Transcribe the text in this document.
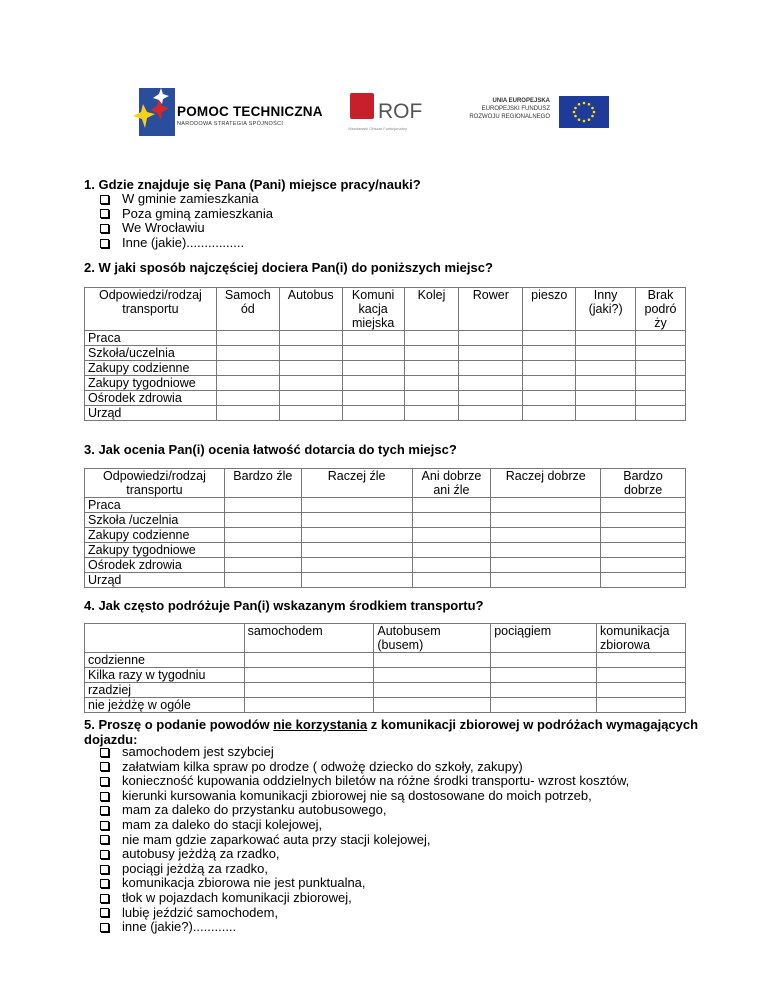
POMOC TECHNICZNA
NARODOWA STRATEGIA SPÓJNOŚCI
ROF
Wrocławski Obszar Funkcjonalny
UNIA EUROPEJSKA
EUROPEJSKI FUNDUSZ
ROZWOJU REGIONALNEGO
1. Gdzie znajduje się Pana (Pani) miejsce pracy/nauki?
W gminie zamieszkania
Poza gminą zamieszkania
We Wrocławiu
Inne (jakie)................
2. W jaki sposób najczęściej dociera Pan(i) do poniższych miejsc?
Odpowiedzi/rodzaj transportu	Samoch ód	Autobus	Komuni kacja miejska	Kolej	Rower	pieszo	Inny (jaki?)	Brak podró ży
Praca								
Szkoła/uczelnia								
Zakupy codzienne								
Zakupy tygodniowe								
Ośrodek zdrowia								
Urząd								
3. Jak ocenia Pan(i) ocenia łatwość dotarcia do tych miejsc?
Odpowiedzi/rodzaj transportu	Bardzo źle	Raczej źle	Ani dobrze ani źle	Raczej dobrze	Bardzo dobrze
Praca					
Szkoła /uczelnia					
Zakupy codzienne					
Zakupy tygodniowe					
Ośrodek zdrowia					
Urząd					
4. Jak często podróżuje Pan(i) wskazanym środkiem transportu?
	samochodem	Autobusem (busem)	pociągiem	komunikacja zbiorowa
codzienne				
Kilka razy w tygodniu				
rzadziej				
nie jeżdżę w ogóle				
5. Proszę o podanie powodów nie korzystania z komunikacji zbiorowej w podróżach wymagających dojazdu:
samochodem jest szybciej
załatwiam kilka spraw po drodze ( odwożę dziecko do szkoły, zakupy)
konieczność kupowania oddzielnych biletów na różne środki transportu- wzrost kosztów,
kierunki kursowania komunikacji zbiorowej nie są dostosowane do moich potrzeb,
mam za daleko do przystanku autobusowego,
mam za daleko do stacji kolejowej,
nie mam gdzie zaparkować auta przy stacji kolejowej,
autobusy jeżdżą za rzadko,
pociągi jeżdżą za rzadko,
komunikacja zbiorowa nie jest punktualna,
tłok w pojazdach komunikacji zbiorowej,
lubię jeździć samochodem,
inne (jakie?)............
